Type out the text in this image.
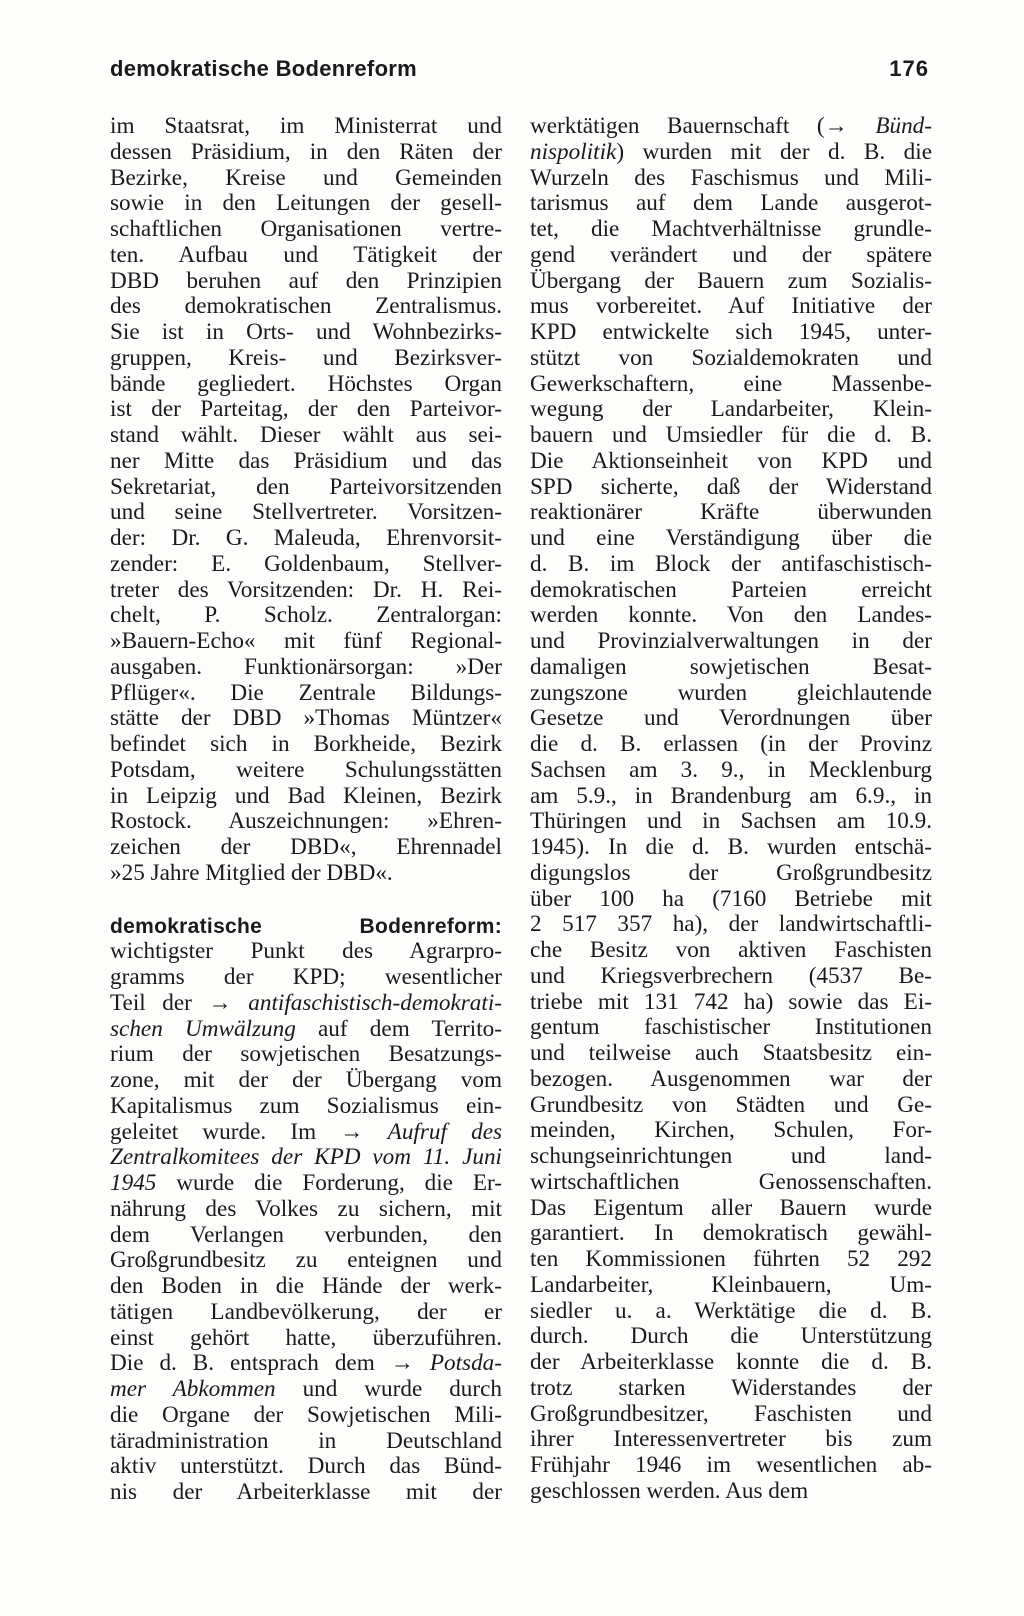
demokratische Bodenreform	176
im Staatsrat, im Ministerrat und
dessen Präsidium, in den Räten der
Bezirke, Kreise und Gemeinden
sowie in den Leitungen der gesell-
schaftlichen Organisationen vertre-
ten. Aufbau und Tätigkeit der
DBD beruhen auf den Prinzipien
des demokratischen Zentralismus.
Sie ist in Orts- und Wohnbezirks-
gruppen, Kreis- und Bezirksver-
bände gegliedert. Höchstes Organ
ist der Parteitag, der den Parteivor-
stand wählt. Dieser wählt aus sei-
ner Mitte das Präsidium und das
Sekretariat, den Parteivorsitzenden
und seine Stellvertreter. Vorsitzen-
der: Dr. G. Maleuda, Ehrenvorsit-
zender: E. Goldenbaum, Stellver-
treter des Vorsitzenden: Dr. H. Rei-
chelt, P. Scholz. Zentralorgan:
»Bauern-Echo« mit fünf Regional-
ausgaben. Funktionärsorgan: »Der
Pflüger«. Die Zentrale Bildungs-
stätte der DBD »Thomas Müntzer«
befindet sich in Borkheide, Bezirk
Potsdam, weitere Schulungsstätten
in Leipzig und Bad Kleinen, Bezirk
Rostock. Auszeichnungen: »Ehren-
zeichen der DBD«, Ehrennadel
»25 Jahre Mitglied der DBD«.
demokratische Bodenreform:
wichtigster Punkt des Agrarpro-
gramms der KPD; wesentlicher
Teil der → antifaschistisch-demokrati-
schen Umwälzung auf dem Territo-
rium der sowjetischen Besatzungs-
zone, mit der der Übergang vom
Kapitalismus zum Sozialismus ein-
geleitet wurde. Im → Aufruf des
Zentralkomitees der KPD vom 11. Juni
1945 wurde die Forderung, die Er-
nährung des Volkes zu sichern, mit
dem Verlangen verbunden, den
Großgrundbesitz zu enteignen und
den Boden in die Hände der werk-
tätigen Landbevölkerung, der er
einst gehört hatte, überzuführen.
Die d. B. entsprach dem → Potsda-
mer Abkommen und wurde durch
die Organe der Sowjetischen Mili-
täradministration in Deutschland
aktiv unterstützt. Durch das Bünd-
nis der Arbeiterklasse mit der
werktätigen Bauernschaft (→ Bünd-
nispolitik) wurden mit der d. B. die
Wurzeln des Faschismus und Mili-
tarismus auf dem Lande ausgerot-
tet, die Machtverhältnisse grundle-
gend verändert und der spätere
Übergang der Bauern zum Sozialis-
mus vorbereitet. Auf Initiative der
KPD entwickelte sich 1945, unter-
stützt von Sozialdemokraten und
Gewerkschaftern, eine Massenbe-
wegung der Landarbeiter, Klein-
bauern und Umsiedler für die d. B.
Die Aktionseinheit von KPD und
SPD sicherte, daß der Widerstand
reaktionärer Kräfte überwunden
und eine Verständigung über die
d. B. im Block der antifaschistisch-
demokratischen Parteien erreicht
werden konnte. Von den Landes-
und Provinzialverwaltungen in der
damaligen sowjetischen Besat-
zungszone wurden gleichlautende
Gesetze und Verordnungen über
die d. B. erlassen (in der Provinz
Sachsen am 3. 9., in Mecklenburg
am 5.9., in Brandenburg am 6.9., in
Thüringen und in Sachsen am 10.9.
1945). In die d. B. wurden entschä-
digungslos der Großgrundbesitz
über 100 ha (7160 Betriebe mit
2 517 357 ha), der landwirtschaftli-
che Besitz von aktiven Faschisten
und Kriegsverbrechern (4537 Be-
triebe mit 131 742 ha) sowie das Ei-
gentum faschistischer Institutionen
und teilweise auch Staatsbesitz ein-
bezogen. Ausgenommen war der
Grundbesitz von Städten und Ge-
meinden, Kirchen, Schulen, For-
schungseinrichtungen und land-
wirtschaftlichen Genossenschaften.
Das Eigentum aller Bauern wurde
garantiert. In demokratisch gewähl-
ten Kommissionen führten 52 292
Landarbeiter, Kleinbauern, Um-
siedler u. a. Werktätige die d. B.
durch. Durch die Unterstützung
der Arbeiterklasse konnte die d. B.
trotz starken Widerstandes der
Großgrundbesitzer, Faschisten und
ihrer Interessenvertreter bis zum
Frühjahr 1946 im wesentlichen ab-
geschlossen werden. Aus dem
